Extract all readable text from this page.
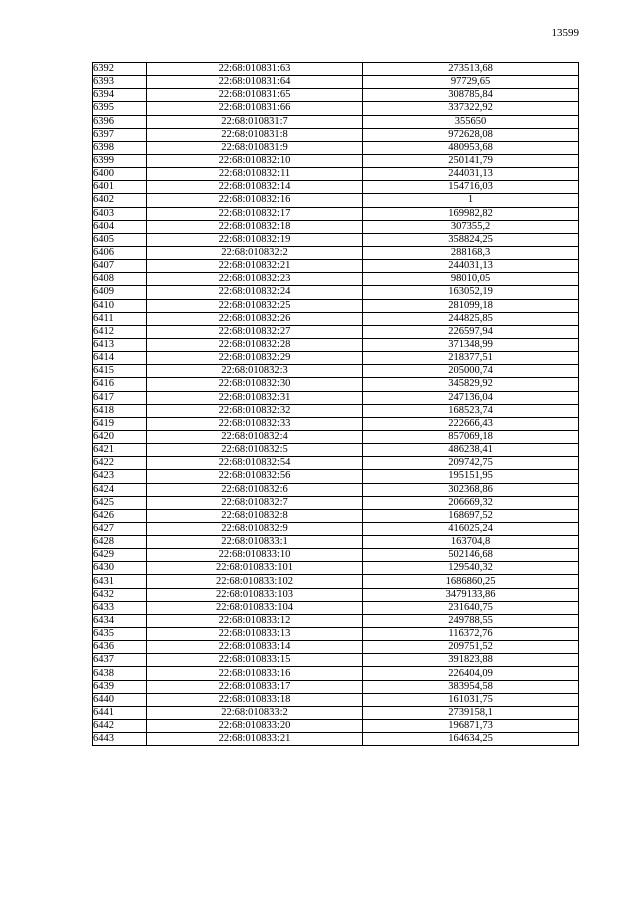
13599
6392	22:68:010831:63	273513,68
6393	22:68:010831:64	97729,65
6394	22:68:010831:65	308785,84
6395	22:68:010831:66	337322,92
6396	22:68:010831:7	355650
6397	22:68:010831:8	972628,08
6398	22:68:010831:9	480953,68
6399	22:68:010832:10	250141,79
6400	22:68:010832:11	244031,13
6401	22:68:010832:14	154716,03
6402	22:68:010832:16	1
6403	22:68:010832:17	169982,82
6404	22:68:010832:18	307355,2
6405	22:68:010832:19	358824,25
6406	22:68:010832:2	288168,3
6407	22:68:010832:21	244031,13
6408	22:68:010832:23	98010,05
6409	22:68:010832:24	163052,19
6410	22:68:010832:25	281099,18
6411	22:68:010832:26	244825,85
6412	22:68:010832:27	226597,94
6413	22:68:010832:28	371348,99
6414	22:68:010832:29	218377,51
6415	22:68:010832:3	205000,74
6416	22:68:010832:30	345829,92
6417	22:68:010832:31	247136,04
6418	22:68:010832:32	168523,74
6419	22:68:010832:33	222666,43
6420	22:68:010832:4	857069,18
6421	22:68:010832:5	486238,41
6422	22:68:010832:54	209742,75
6423	22:68:010832:56	195151,95
6424	22:68:010832:6	302368,86
6425	22:68:010832:7	206669,32
6426	22:68:010832:8	168697,52
6427	22:68:010832:9	416025,24
6428	22:68:010833:1	163704,8
6429	22:68:010833:10	502146,68
6430	22:68:010833:101	129540,32
6431	22:68:010833:102	1686860,25
6432	22:68:010833:103	3479133,86
6433	22:68:010833:104	231640,75
6434	22:68:010833:12	249788,55
6435	22:68:010833:13	116372,76
6436	22:68:010833:14	209751,52
6437	22:68:010833:15	391823,88
6438	22:68:010833:16	226404,09
6439	22:68:010833:17	383954,58
6440	22:68:010833:18	161031,75
6441	22:68:010833:2	2739158,1
6442	22:68:010833:20	196871,73
6443	22:68:010833:21	164634,25
